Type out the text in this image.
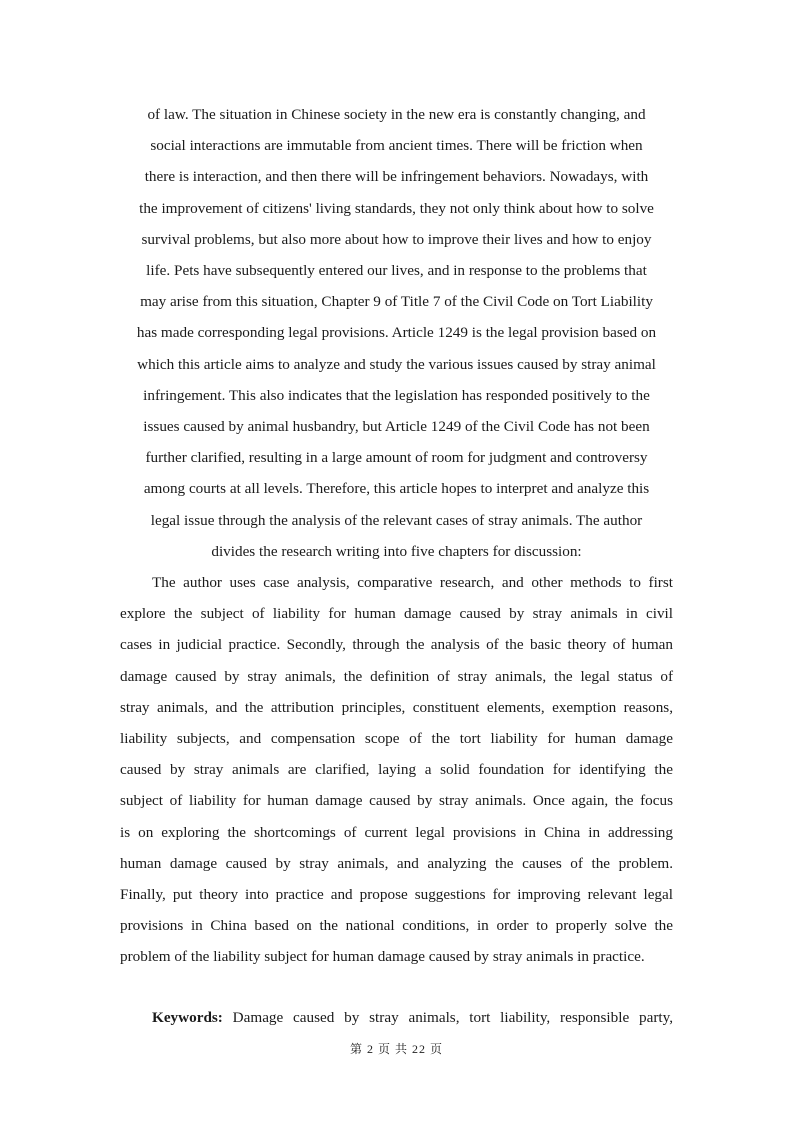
of law. The situation in Chinese society in the new era is constantly changing, and
social interactions are immutable from ancient times. There will be friction when
there is interaction, and then there will be infringement behaviors. Nowadays, with
the improvement of citizens' living standards, they not only think about how to solve
survival problems, but also more about how to improve their lives and how to enjoy
life. Pets have subsequently entered our lives, and in response to the problems that
may arise from this situation, Chapter 9 of Title 7 of the Civil Code on Tort Liability
has made corresponding legal provisions. Article 1249 is the legal provision based on
which this article aims to analyze and study the various issues caused by stray animal
infringement. This also indicates that the legislation has responded positively to the
issues caused by animal husbandry, but Article 1249 of the Civil Code has not been
further clarified, resulting in a large amount of room for judgment and controversy
among courts at all levels. Therefore, this article hopes to interpret and analyze this
legal issue through the analysis of the relevant cases of stray animals. The author
divides the research writing into five chapters for discussion:
The author uses case analysis, comparative research, and other methods to first
explore the subject of liability for human damage caused by stray animals in civil
cases in judicial practice. Secondly, through the analysis of the basic theory of human
damage caused by stray animals, the definition of stray animals, the legal status of
stray animals, and the attribution principles, constituent elements, exemption reasons,
liability subjects, and compensation scope of the tort liability for human damage
caused by stray animals are clarified, laying a solid foundation for identifying the
subject of liability for human damage caused by stray animals. Once again, the focus
is on exploring the shortcomings of current legal provisions in China in addressing
human damage caused by stray animals, and analyzing the causes of the problem.
Finally, put theory into practice and propose suggestions for improving relevant legal
provisions in China based on the national conditions, in order to properly solve the
problem of the liability subject for human damage caused by stray animals in practice.
Keywords: Damage caused by stray animals, tort liability, responsible party,
第 2 页 共 22 页
